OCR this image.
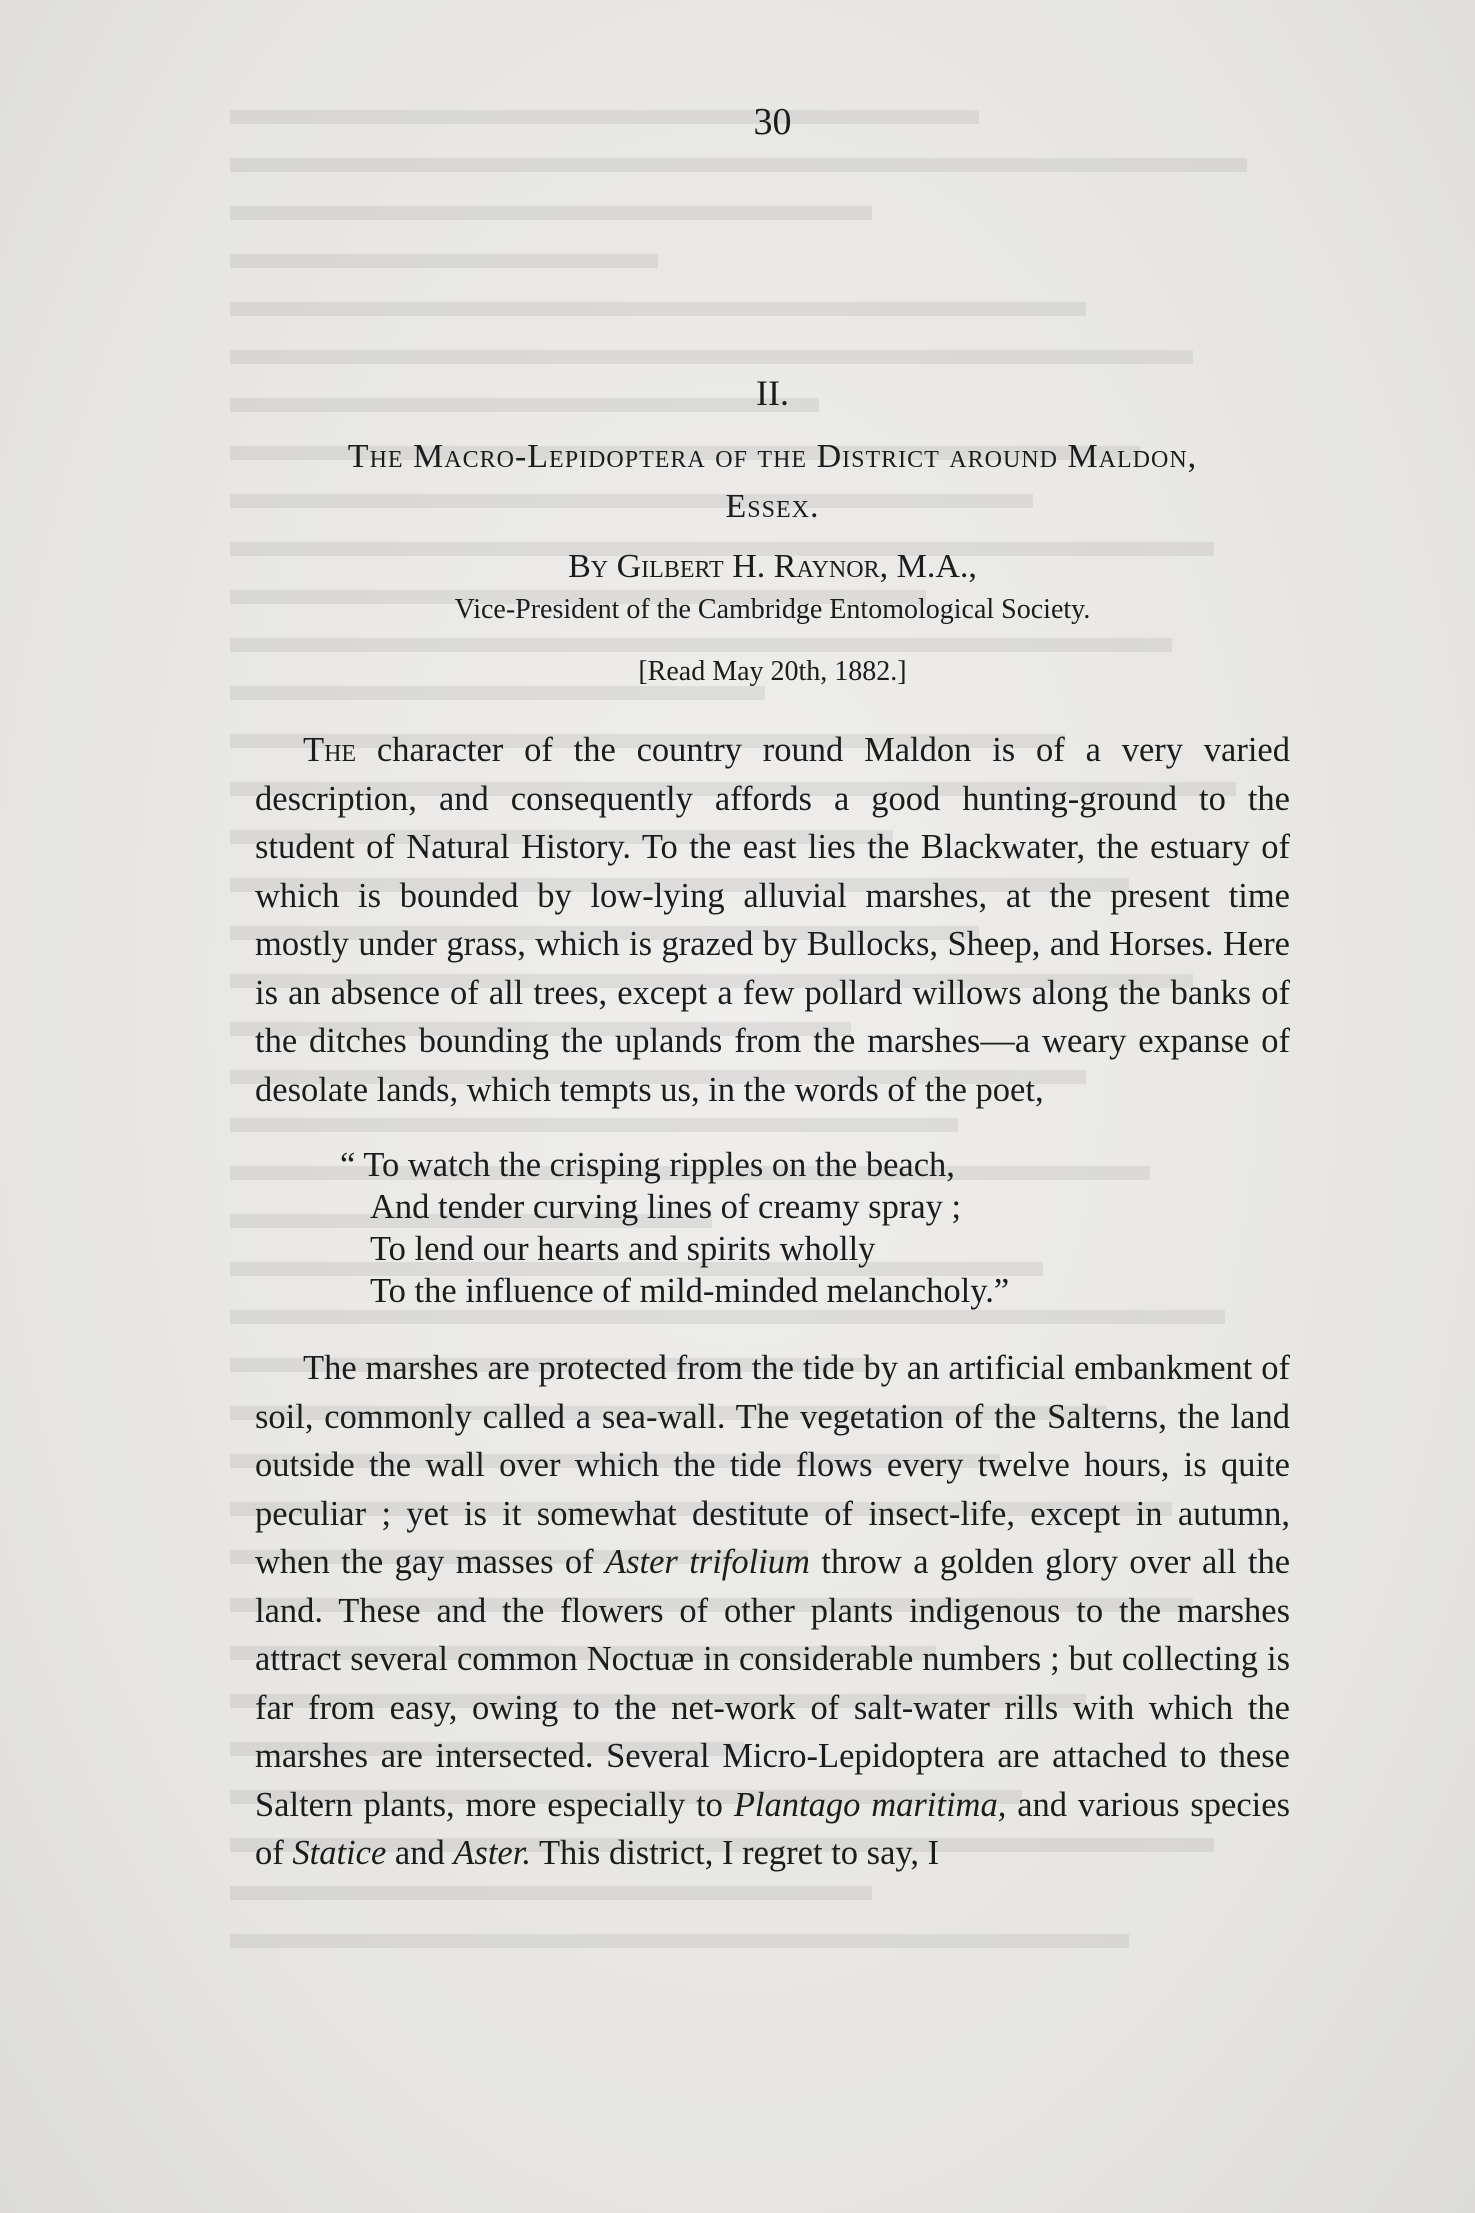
30
II.

The Macro-Lepidoptera of the District around Maldon,

Essex.

By Gilbert H. Raynor, M.A.,
Vice-President of the Cambridge Entomological Society.
[Read May 20th, 1882.]

The character of the country round Maldon is of a very varied description, and consequently affords a good hunting-ground to the student of Natural History. To the east lies the Blackwater, the estuary of which is bounded by low-lying alluvial marshes, at the present time mostly under grass, which is grazed by Bullocks, Sheep, and Horses. Here is an absence of all trees, except a few pollard willows along the banks of the ditches bounding the uplands from the marshes—a weary expanse of desolate lands, which tempts us, in the words of the poet,

“ To watch the crisping ripples on the beach,
And tender curving lines of creamy spray ;
To lend our hearts and spirits wholly
To the influence of mild-minded melancholy.”

The marshes are protected from the tide by an artificial embankment of soil, commonly called a sea-wall. The vegetation of the Salterns, the land outside the wall over which the tide flows every twelve hours, is quite peculiar ; yet is it somewhat destitute of insect-life, except in autumn, when the gay masses of Aster trifolium throw a golden glory over all the land. These and the flowers of other plants indigenous to the marshes attract several common Noctuæ in considerable numbers ; but collecting is far from easy, owing to the net-work of salt-water rills with which the marshes are intersected. Several Micro-Lepidoptera are attached to these Saltern plants, more especially to Plantago maritima, and various species of Statice and Aster. This district, I regret to say, I
